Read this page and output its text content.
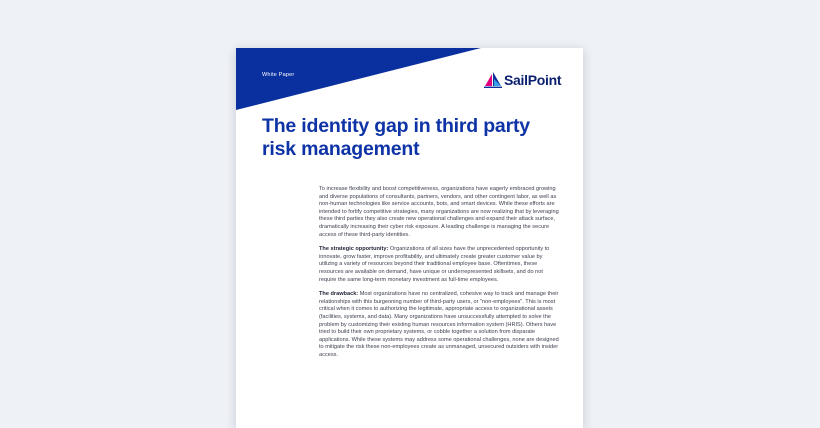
White Paper	SailPoint
The identity gap in third party risk management

To increase flexibility and boost competitiveness, organizations have eagerly embraced growing and diverse populations of consultants, partners, vendors, and other contingent labor, as well as non-human technologies like service accounts, bots, and smart devices. While these efforts are intended to fortify competitive strategies, many organizations are now realizing that by leveraging these third parties they also create new operational challenges and expand their attack surface, dramatically increasing their cyber risk exposure. A leading challenge is managing the secure access of these third-party identities.

The strategic opportunity: Organizations of all sizes have the unprecedented opportunity to innovate, grow faster, improve profitability, and ultimately create greater customer value by utilizing a variety of resources beyond their traditional employee base. Oftentimes, these resources are available on demand, have unique or underrepresented skillsets, and do not require the same long-term monetary investment as full-time employees.

The drawback: Most organizations have no centralized, cohesive way to track and manage their relationships with this burgeoning number of third-party users, or "non-employees". This is most critical when it comes to authorizing the legitimate, appropriate access to organizational assets (facilities, systems, and data). Many organizations have unsuccessfully attempted to solve the problem by customizing their existing human resources information system (HRIS). Others have tried to build their own proprietary systems, or cobble together a solution from disparate applications. While these systems may address some operational challenges, none are designed to mitigate the risk these non-employees create as unmanaged, unsecured outsiders with insider access.
